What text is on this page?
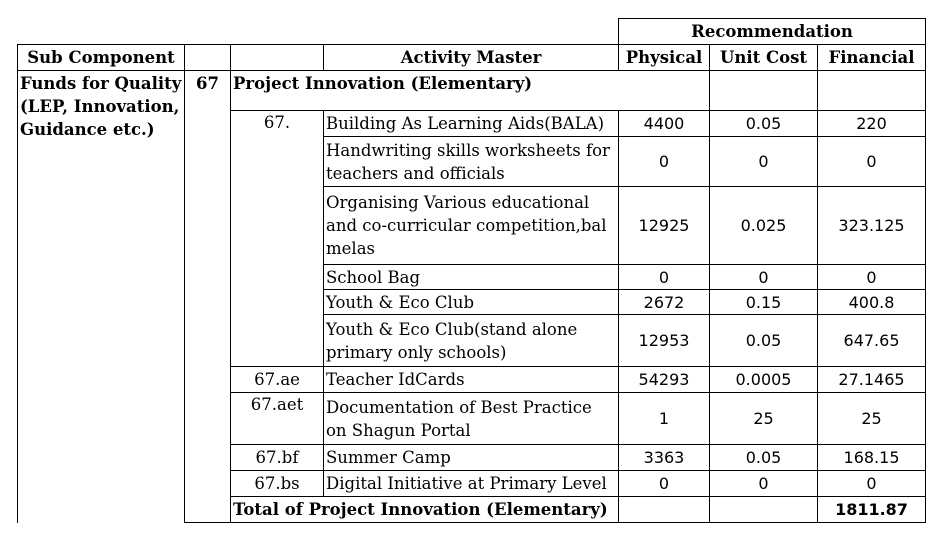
				Recommendation		
Sub Component			Activity Master	Physical	Unit Cost	Financial
Funds for Quality (LEP, Innovation, Guidance etc.)	67	Project Innovation (Elementary)				
		67.	Building As Learning Aids(BALA)	4400	0.05	220
			Handwriting skills worksheets for teachers and officials	0	0	0
			Organising Various educational and co-curricular competition,bal melas	12925	0.025	323.125
			School Bag	0	0	0
			Youth & Eco Club	2672	0.15	400.8
			Youth & Eco Club(stand alone primary only schools)	12953	0.05	647.65
		67.ae	Teacher IdCards	54293	0.0005	27.1465
		67.aet	Documentation of Best Practice on Shagun Portal	1	25	25
		67.bf	Summer Camp	3363	0.05	168.15
		67.bs	Digital Initiative at Primary Level	0	0	0
		Total of Project Innovation (Elementary)				1811.87
